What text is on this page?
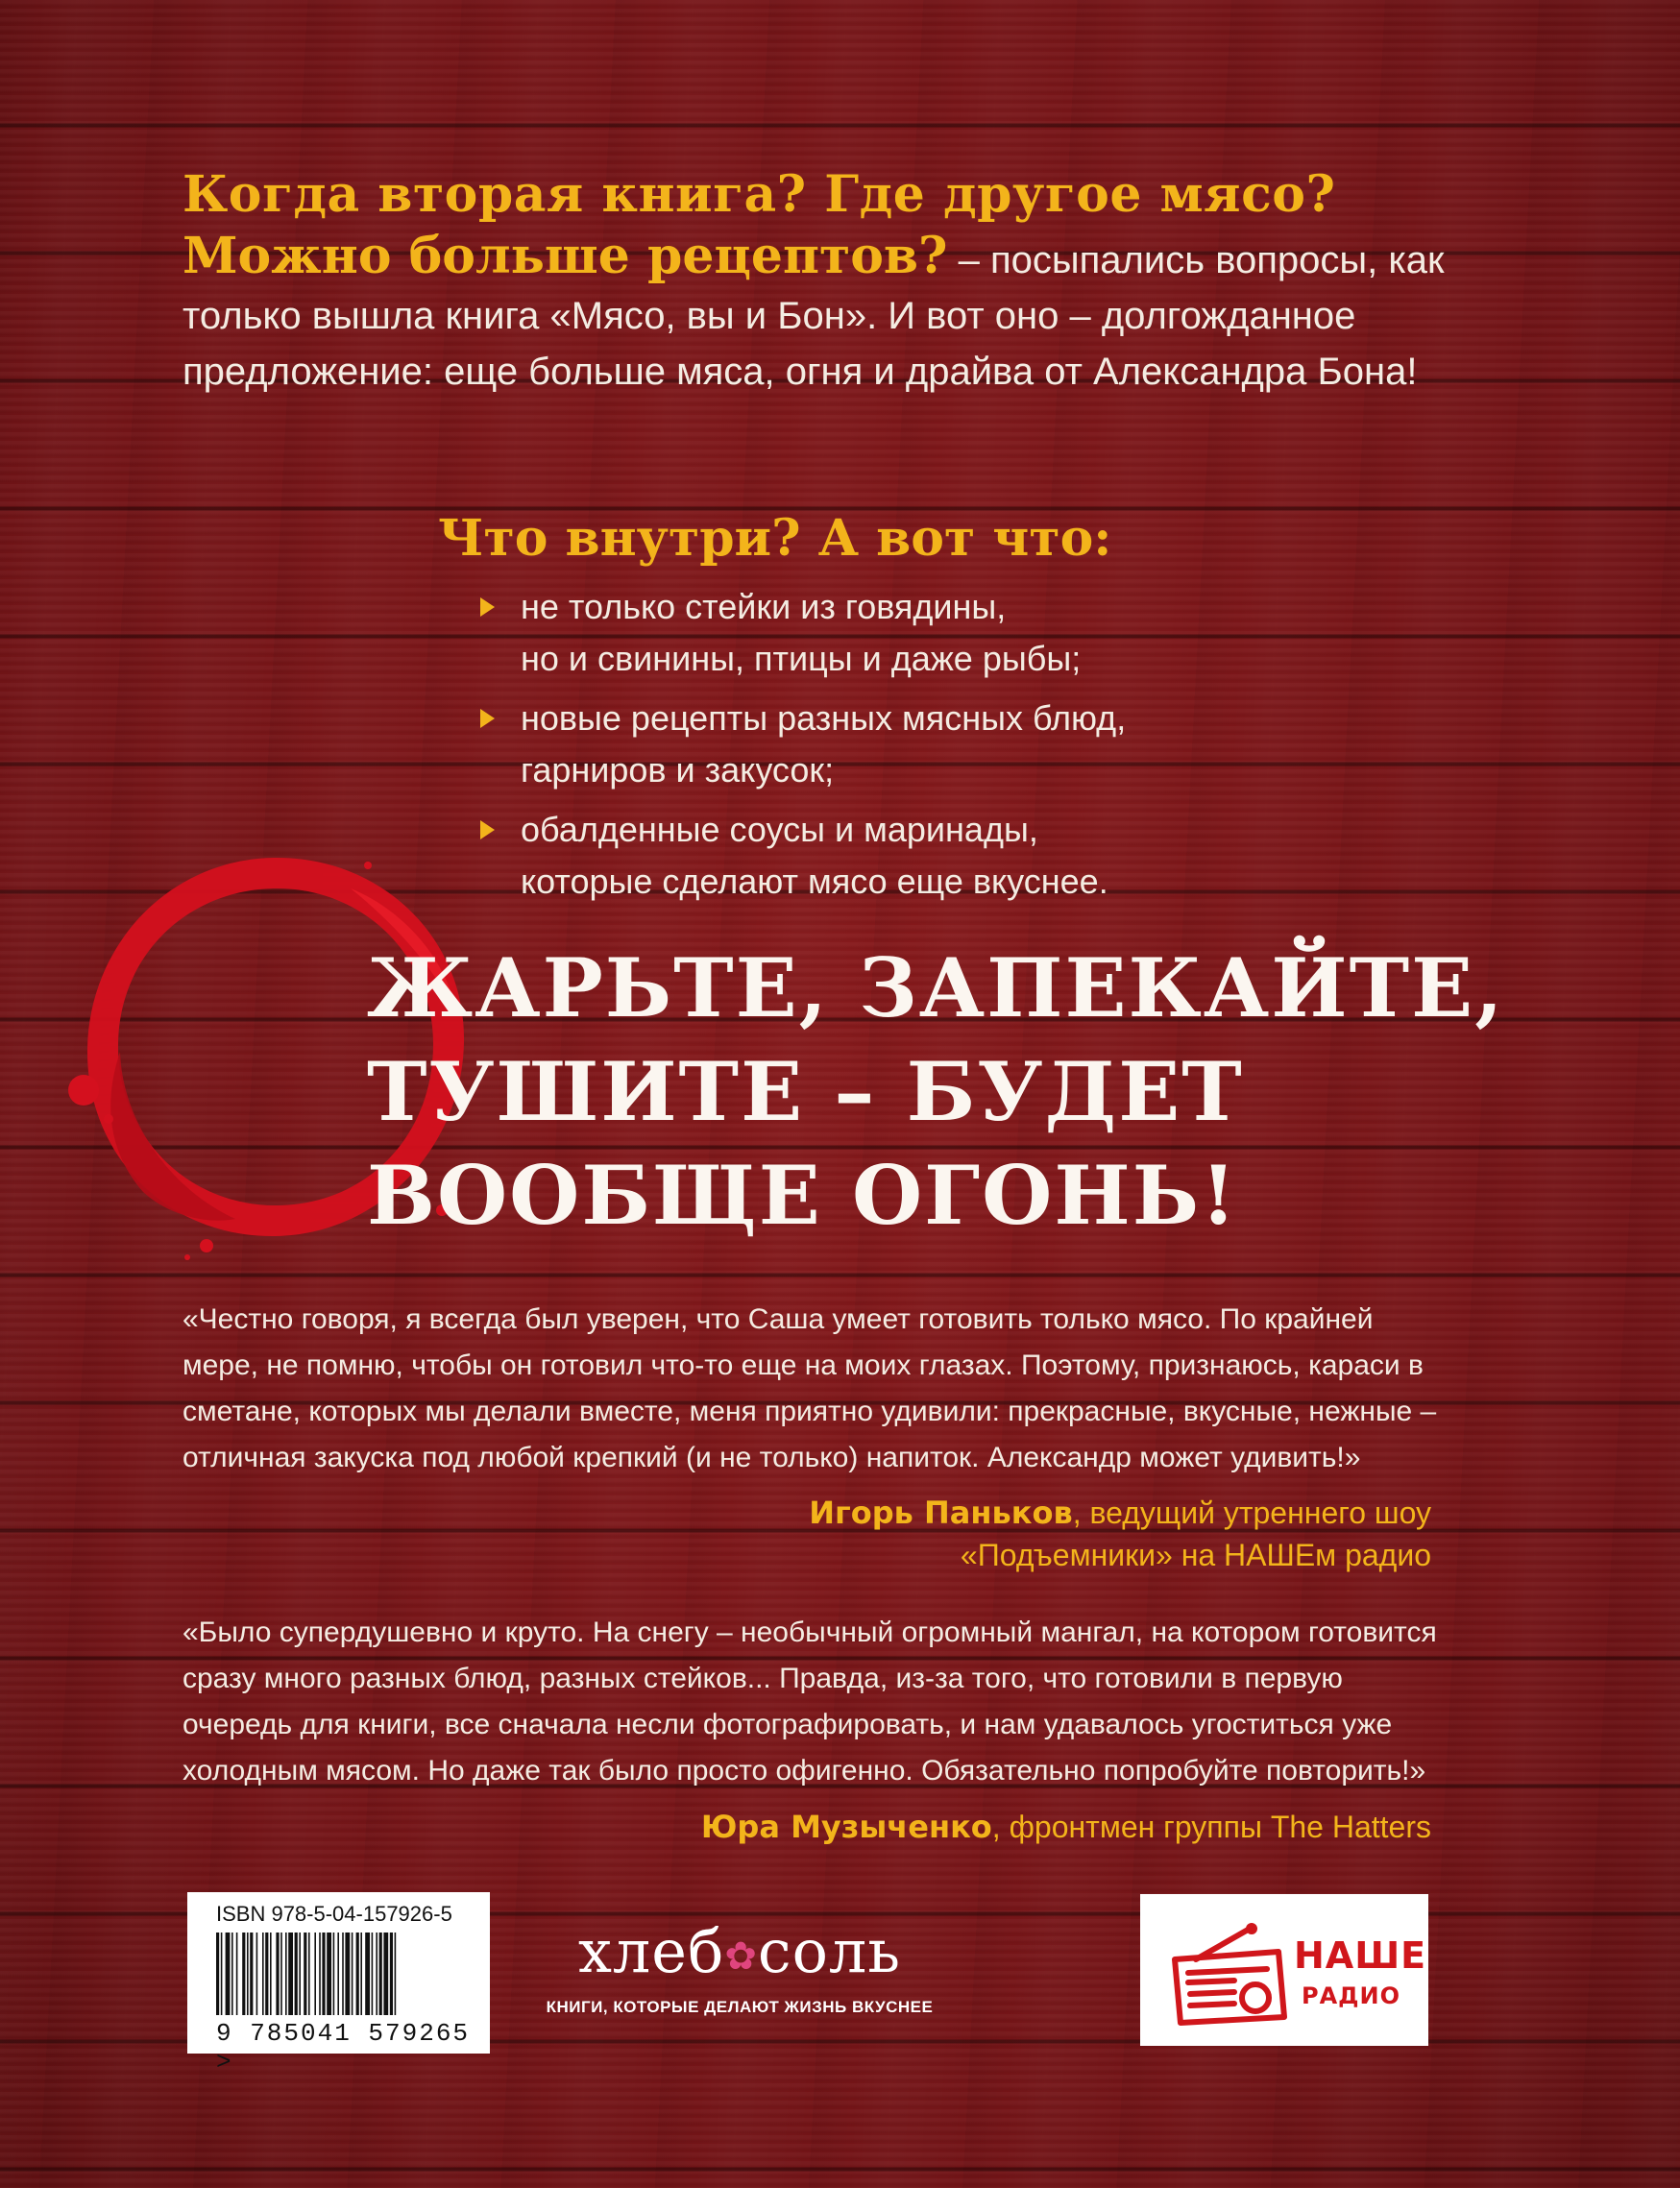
Когда вторая книга? Где другое мясо?
Можно больше рецептов? – посыпались вопросы, как только вышла книга «Мясо, вы и Бон». И вот оно – долгожданное предложение: еще больше мяса, огня и драйва от Александра Бона!
Что внутри? А вот что:
не только стейки из говядины,
но и свинины, птицы и даже рыбы;
новые рецепты разных мясных блюд,
гарниров и закусок;
обалденные соусы и маринады,
которые сделают мясо еще вкуснее.
ЖАРЬТЕ, ЗАПЕКАЙТЕ,
ТУШИТЕ – БУДЕТ
ВООБЩЕ ОГОНЬ!
«Честно говоря, я всегда был уверен, что Саша умеет готовить только мясо. По крайней мере, не помню, чтобы он готовил что-то еще на моих глазах. Поэтому, признаюсь, караси в сметане, которых мы делали вместе, меня приятно удивили: прекрасные, вкусные, нежные – отличная закуска под любой крепкий (и не только) напиток. Александр может удивить!»
Игорь Паньков, ведущий утреннего шоу
«Подъемники» на НАШЕм радио
«Было супердушевно и круто. На снегу – необычный огромный мангал, на котором готовится сразу много разных блюд, разных стейков... Правда, из-за того, что готовили в первую очередь для книги, все сначала несли фотографировать, и нам удавалось угоститься уже холодным мясом. Но даже так было просто офигенно. Обязательно попробуйте повторить!»
Юра Музыченко, фронтмен группы The Hatters
ISBN 978-5-04-157926-5
9 785041 579265 >
хлеб✿соль
КНИГИ, КОТОРЫЕ ДЕЛАЮТ ЖИЗНЬ ВКУСНЕЕ
НАШЕ
РАДИО
